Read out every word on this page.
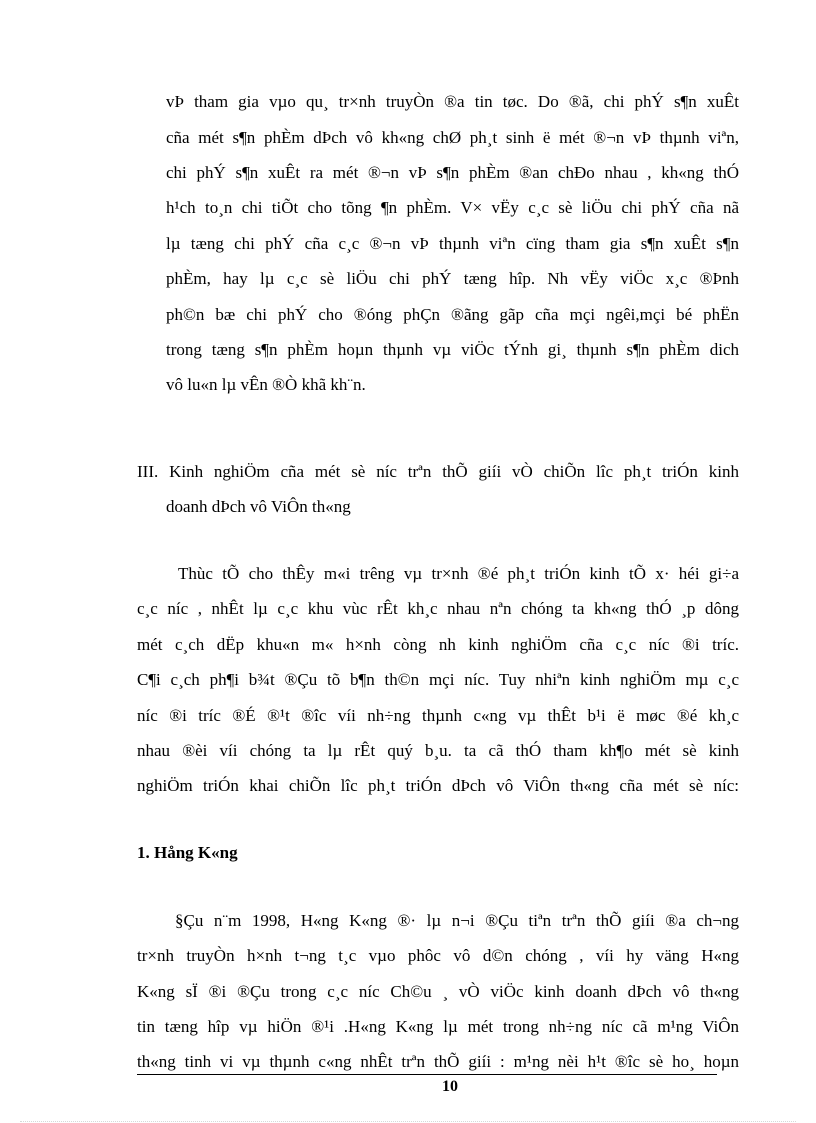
vÞ tham gia vµo qu¸ tr×nh truyÒn ®a tin tøc. Do ®ã, chi phÝ s¶n xuÊt
cña mét s¶n phÈm dÞch vô kh«ng chØ ph¸t sinh ë mét ®¬n vÞ thµnh viªn,
chi phÝ s¶n xuÊt ra mét ®¬n vÞ s¶n phÈm ®an chÐo nhau , kh«ng thÓ
h¹ch to¸n chi tiÕt cho tõng ¶n phÈm. V× vËy c¸c sè liÖu chi phÝ cña nã
lµ tæng chi phÝ cña c¸c ®¬n vÞ thµnh viªn cïng tham gia s¶n xuÊt s¶n
phÈm, hay lµ c¸c sè liÖu chi phÝ tæng hîp. Nh vËy viÖc x¸c ®Þnh
ph©n bæ chi phÝ cho ®óng phÇn ®ãng gãp cña mçi ngêi,mçi bé phËn
trong tæng s¶n phÈm hoµn thµnh vµ viÖc tÝnh gi¸ thµnh s¶n phÈm dich
vô lu«n lµ vÊn ®Ò khã kh¨n.
III. Kinh nghiÖm cña mét sè níc trªn thÕ giíi vÒ chiÕn lîc ph¸t triÓn kinh
doanh dÞch vô ViÔn th«ng
Thùc tÕ cho thÊy m«i trêng vµ tr×nh ®é ph¸t triÓn kinh tÕ x· héi gi÷a
c¸c níc , nhÊt lµ c¸c khu vùc rÊt kh¸c nhau nªn chóng ta kh«ng thÓ ¸p dông
mét c¸ch dËp khu«n m« h×nh còng nh kinh nghiÖm cña c¸c níc ®i tríc.
C¶i c¸ch ph¶i b¾t ®Çu tõ b¶n th©n mçi níc. Tuy nhiªn kinh nghiÖm mµ c¸c
níc ®i tríc ®É ®¹t ®îc víi nh÷ng thµnh c«ng vµ thÊt b¹i ë møc ®é kh¸c
nhau ®èi víi chóng ta lµ rÊt quý b¸u. ta cã thÓ tham kh¶o mét sè kinh
nghiÖm triÓn khai chiÕn lîc ph¸t triÓn dÞch vô ViÔn th«ng cña mét sè níc:
1. Hång K«ng
§Çu n¨m 1998, H«ng K«ng ®· lµ n¬i ®Çu tiªn trªn thÕ giíi ®a ch¬ng
tr×nh truyÒn h×nh t¬ng t¸c vµo phôc vô d©n chóng , víi hy väng H«ng
K«ng sÏ ®i ®Çu trong c¸c níc Ch©u ¸ vÒ viÖc kinh doanh dÞch vô th«ng
tin tæng hîp vµ hiÖn ®¹i .H«ng K«ng lµ mét trong nh÷ng níc cã m¹ng ViÔn
th«ng tinh vi vµ thµnh c«ng nhÊt trªn thÕ giíi : m¹ng nèi h¹t ®îc sè ho¸ hoµn
10
